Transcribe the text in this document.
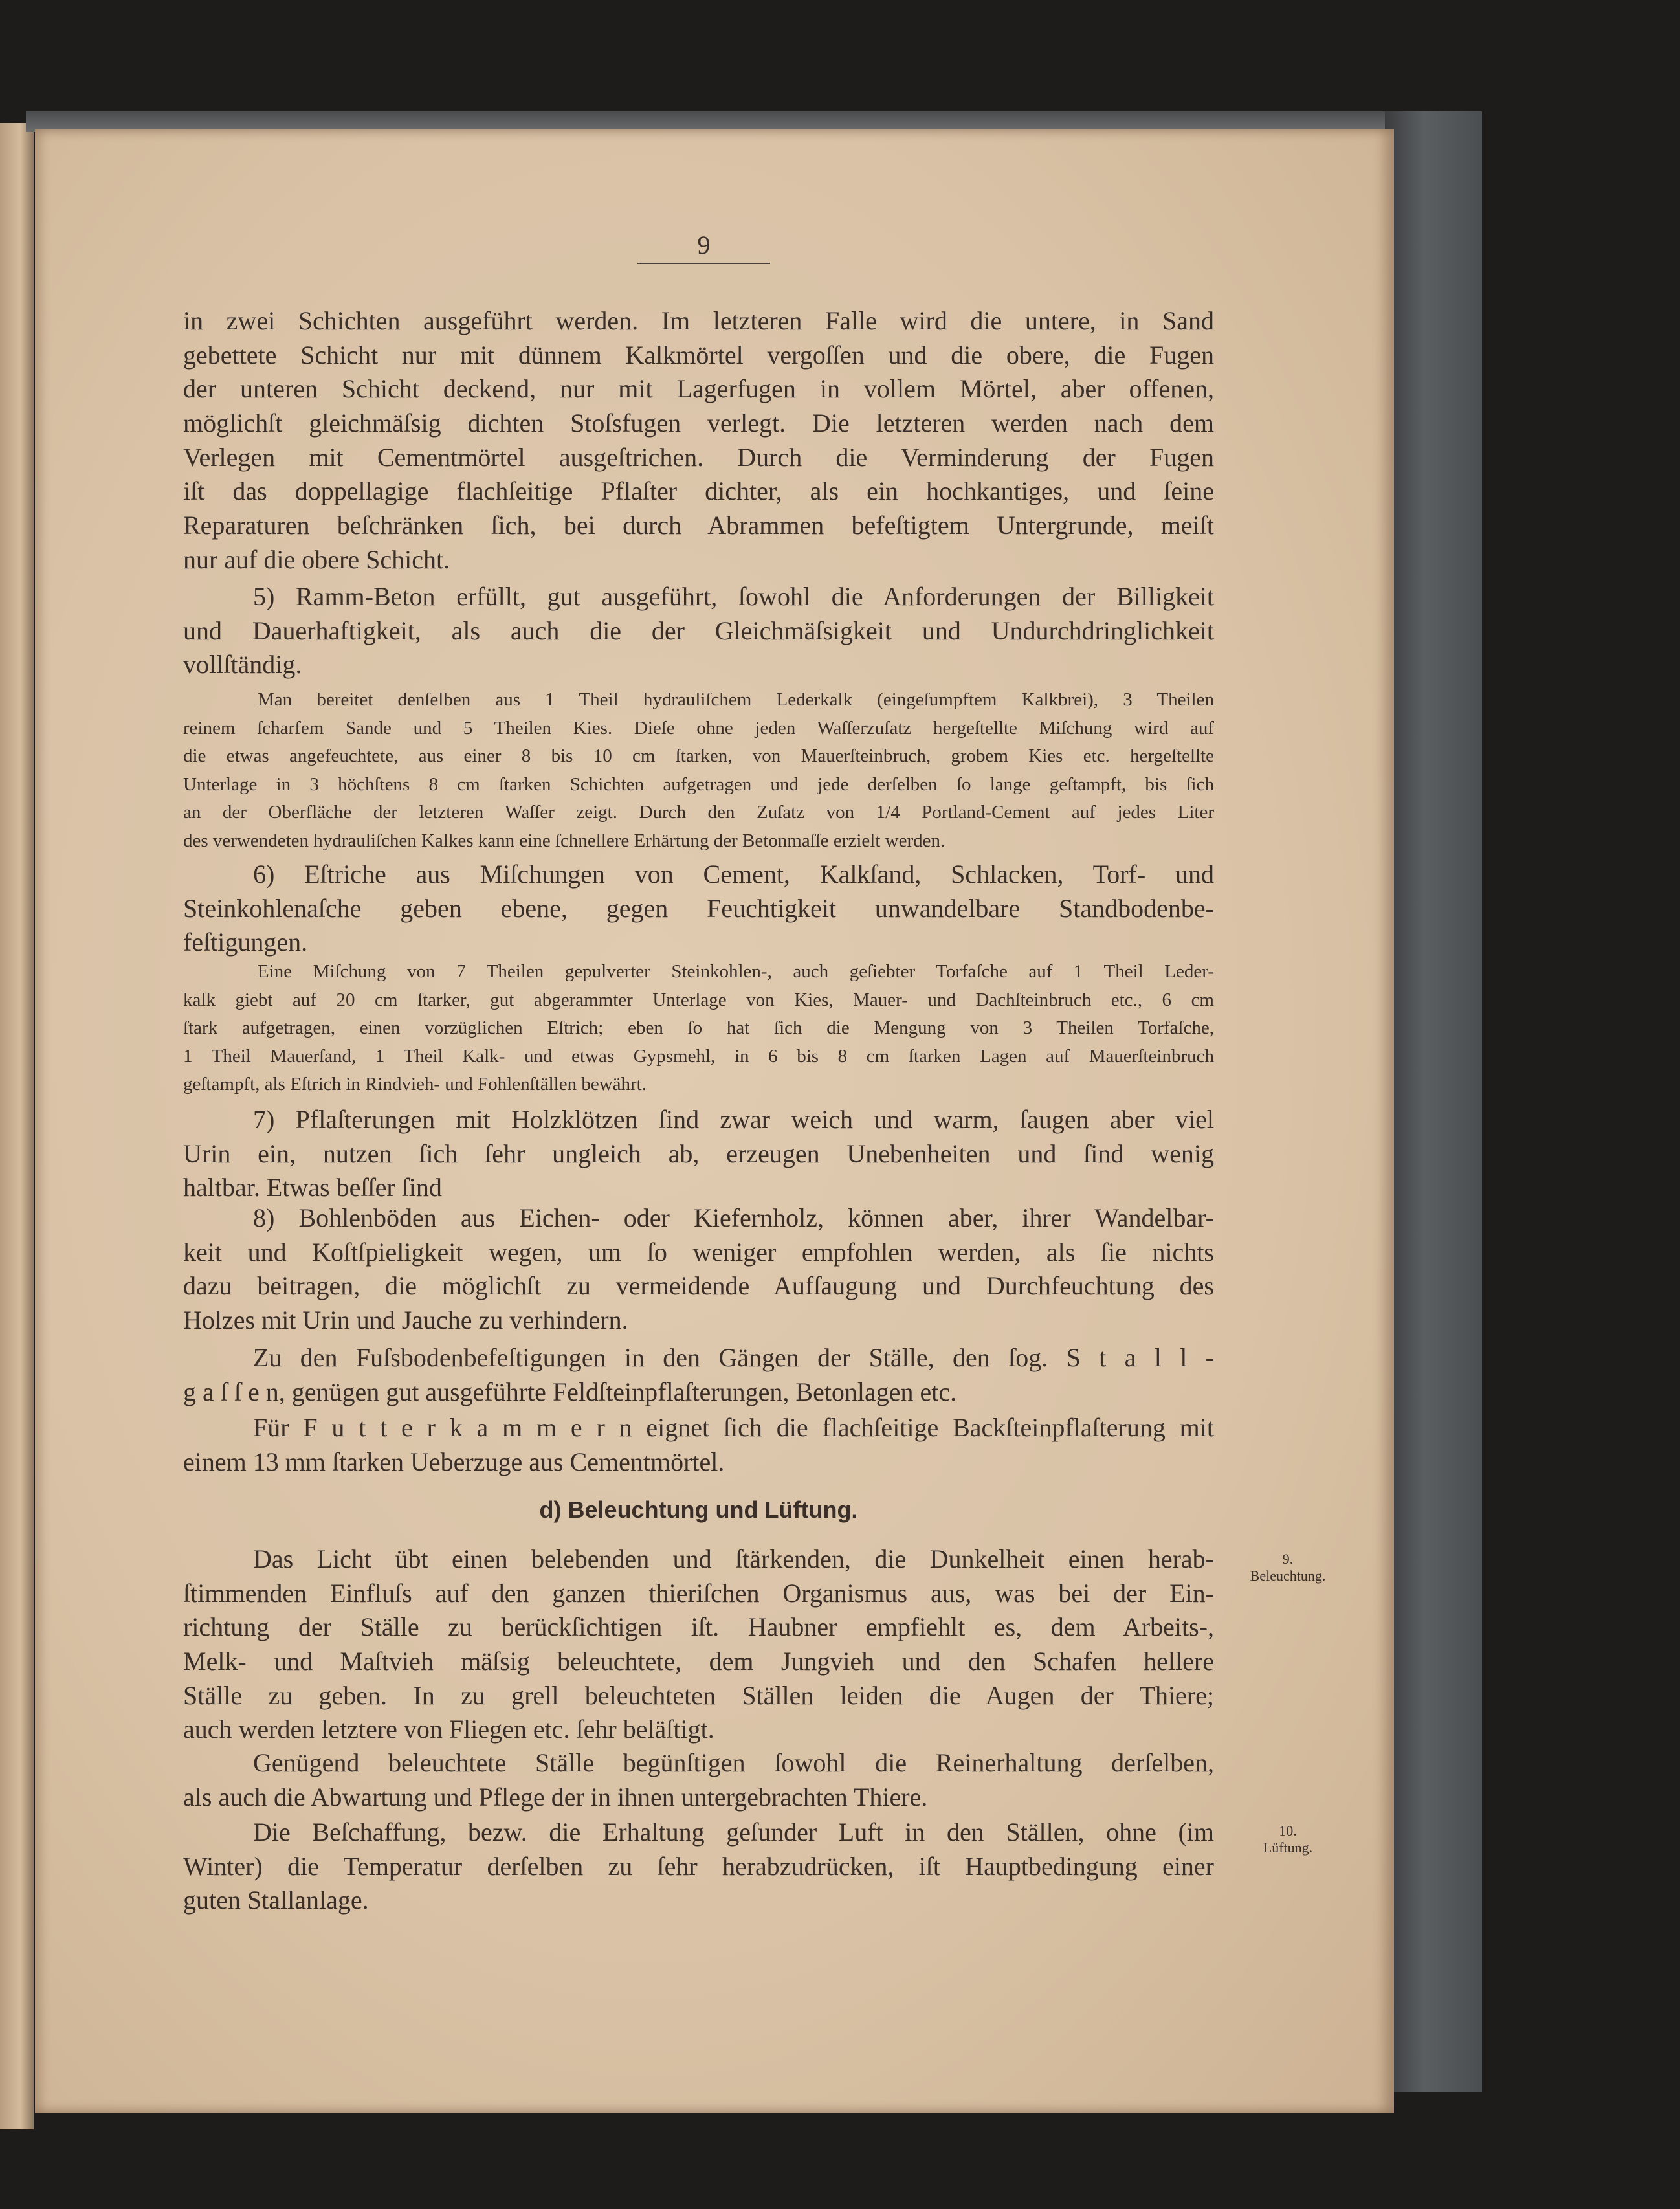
9
in zwei Schichten ausgeführt werden. Im letzteren Falle wird die untere, in Sand
gebettete Schicht nur mit dünnem Kalkmörtel vergoſſen und die obere, die Fugen
der unteren Schicht deckend, nur mit Lagerfugen in vollem Mörtel, aber offenen,
möglichſt gleichmäſsig dichten Stoſsfugen verlegt. Die letzteren werden nach dem
Verlegen mit Cementmörtel ausgeſtrichen. Durch die Verminderung der Fugen
iſt das doppellagige flachſeitige Pflaſter dichter, als ein hochkantiges, und ſeine
Reparaturen beſchränken ſich, bei durch Abrammen befeſtigtem Untergrunde, meiſt
nur auf die obere Schicht.
5) Ramm-Beton erfüllt, gut ausgeführt, ſowohl die Anforderungen der Billigkeit
und Dauerhaftigkeit, als auch die der Gleichmäſsigkeit und Undurchdringlichkeit
vollſtändig.
Man bereitet denſelben aus 1 Theil hydrauliſchem Lederkalk (eingeſumpftem Kalkbrei), 3 Theilen
reinem ſcharfem Sande und 5 Theilen Kies. Dieſe ohne jeden Waſſerzuſatz hergeſtellte Miſchung wird auf
die etwas angefeuchtete, aus einer 8 bis 10 cm ſtarken, von Mauerſteinbruch, grobem Kies etc. hergeſtellte
Unterlage in 3 höchſtens 8 cm ſtarken Schichten aufgetragen und jede derſelben ſo lange geſtampft, bis ſich
an der Oberfläche der letzteren Waſſer zeigt. Durch den Zuſatz von 1/4 Portland-Cement auf jedes Liter
des verwendeten hydrauliſchen Kalkes kann eine ſchnellere Erhärtung der Betonmaſſe erzielt werden.
6) Eſtriche aus Miſchungen von Cement, Kalkſand, Schlacken, Torf- und
Steinkohlenaſche geben ebene, gegen Feuchtigkeit unwandelbare Standbodenbe-
feſtigungen.
Eine Miſchung von 7 Theilen gepulverter Steinkohlen-, auch geſiebter Torfaſche auf 1 Theil Leder-
kalk giebt auf 20 cm ſtarker, gut abgerammter Unterlage von Kies, Mauer- und Dachſteinbruch etc., 6 cm
ſtark aufgetragen, einen vorzüglichen Eſtrich; eben ſo hat ſich die Mengung von 3 Theilen Torfaſche,
1 Theil Mauerſand, 1 Theil Kalk- und etwas Gypsmehl, in 6 bis 8 cm ſtarken Lagen auf Mauerſteinbruch
geſtampft, als Eſtrich in Rindvieh- und Fohlenſtällen bewährt.
7) Pflaſterungen mit Holzklötzen ſind zwar weich und warm, ſaugen aber viel
Urin ein, nutzen ſich ſehr ungleich ab, erzeugen Unebenheiten und ſind wenig
haltbar. Etwas beſſer ſind
8) Bohlenböden aus Eichen- oder Kiefernholz, können aber, ihrer Wandelbar-
keit und Koſtſpieligkeit wegen, um ſo weniger empfohlen werden, als ſie nichts
dazu beitragen, die möglichſt zu vermeidende Aufſaugung und Durchfeuchtung des
Holzes mit Urin und Jauche zu verhindern.
Zu den Fuſsbodenbefeſtigungen in den Gängen der Ställe, den ſog. S t a l l -
g a ſ ſ e n, genügen gut ausgeführte Feldſteinpflaſterungen, Betonlagen etc.
Für F u t t e r k a m m e r n eignet ſich die flachſeitige Backſteinpflaſterung mit
einem 13 mm ſtarken Ueberzuge aus Cementmörtel.
d) Beleuchtung und Lüftung.
Das Licht übt einen belebenden und ſtärkenden, die Dunkelheit einen herab-
ſtimmenden Einfluſs auf den ganzen thieriſchen Organismus aus, was bei der Ein-
richtung der Ställe zu berückſichtigen iſt. Haubner empfiehlt es, dem Arbeits-,
Melk- und Maſtvieh mäſsig beleuchtete, dem Jungvieh und den Schafen hellere
Ställe zu geben. In zu grell beleuchteten Ställen leiden die Augen der Thiere;
auch werden letztere von Fliegen etc. ſehr beläſtigt.
Genügend beleuchtete Ställe begünſtigen ſowohl die Reinerhaltung derſelben,
als auch die Abwartung und Pflege der in ihnen untergebrachten Thiere.
Die Beſchaffung, bezw. die Erhaltung geſunder Luft in den Ställen, ohne (im
Winter) die Temperatur derſelben zu ſehr herabzudrücken, iſt Hauptbedingung einer
guten Stallanlage.
9.
Beleuchtung.
10.
Lüftung.
